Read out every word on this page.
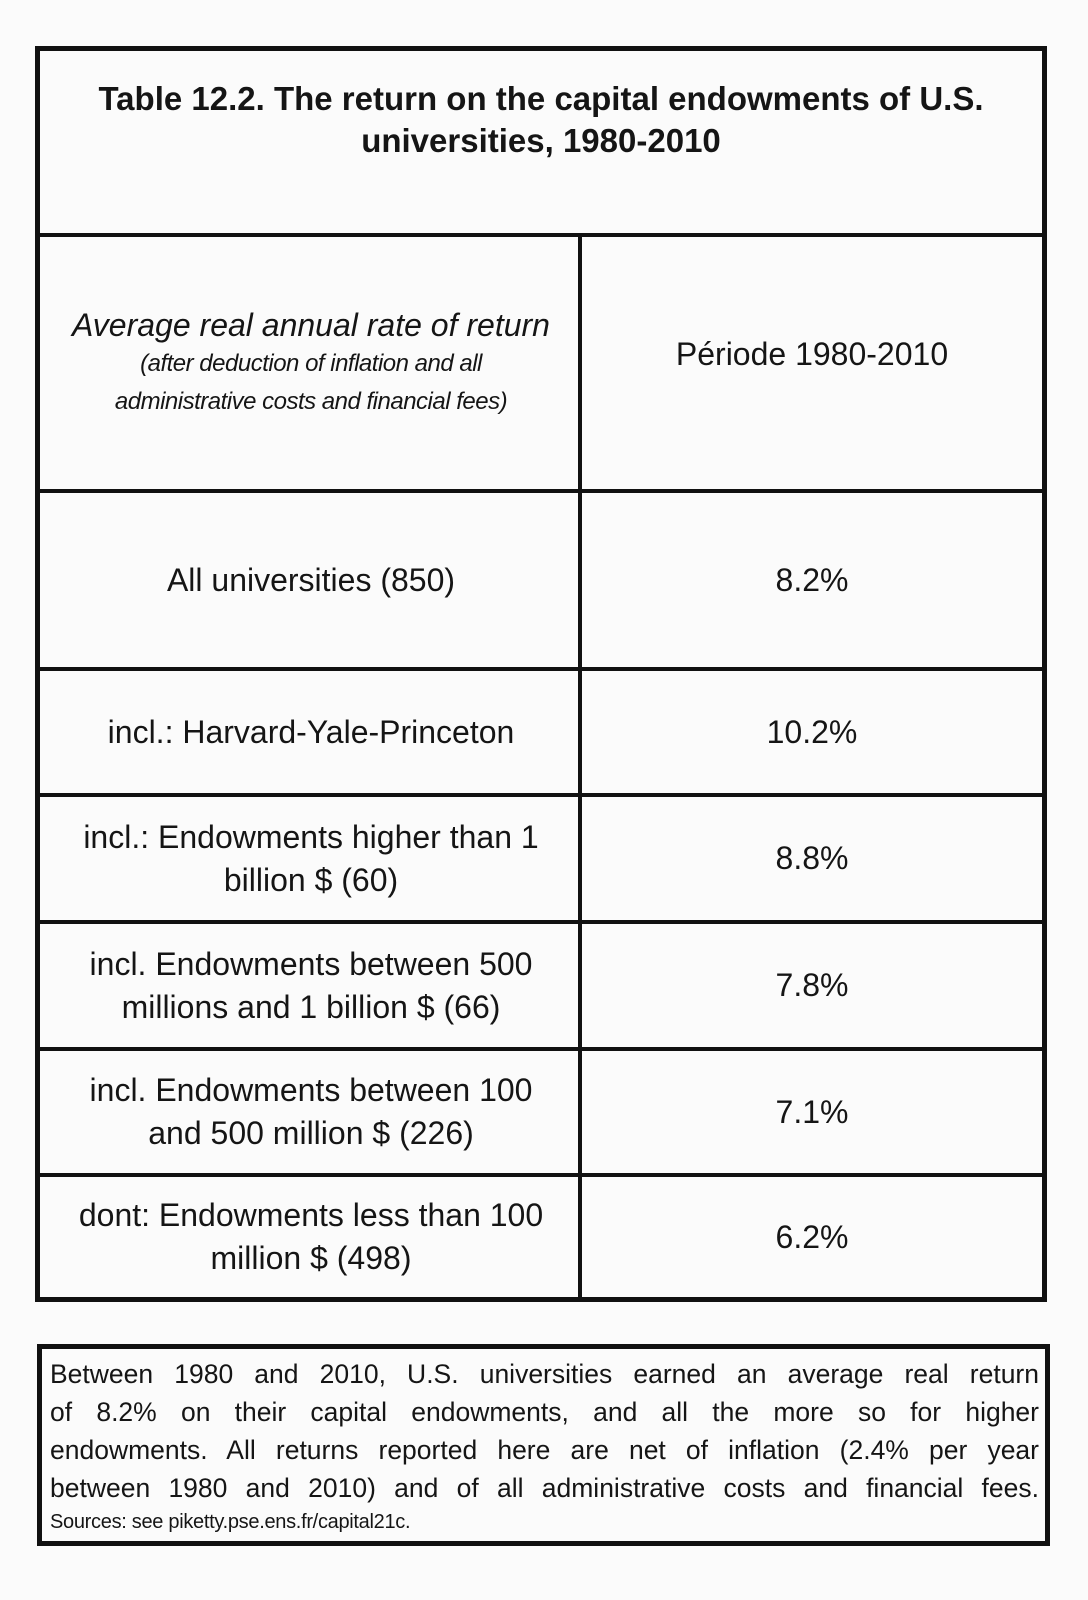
Table 12.2. The return on the capital endowments of U.S.
universities, 1980-2010
Average real annual rate of return
(after deduction of inflation and all
administrative costs and financial fees)
Période 1980-2010
All universities (850)	8.2%
incl.: Harvard-Yale-Princeton	10.2%
incl.: Endowments higher than 1
billion $ (60)
8.8%
incl. Endowments between 500
millions and 1 billion $ (66)
7.8%
incl. Endowments between 100
and 500 million $ (226)
7.1%
dont: Endowments less than 100
million $ (498)
6.2%
Between 1980 and 2010, U.S. universities earned an average real return
of 8.2% on their capital endowments, and all the more so for higher
endowments. All returns reported here are net of inflation (2.4% per year
between 1980 and 2010) and of all administrative costs and financial fees.
Sources: see piketty.pse.ens.fr/capital21c.
